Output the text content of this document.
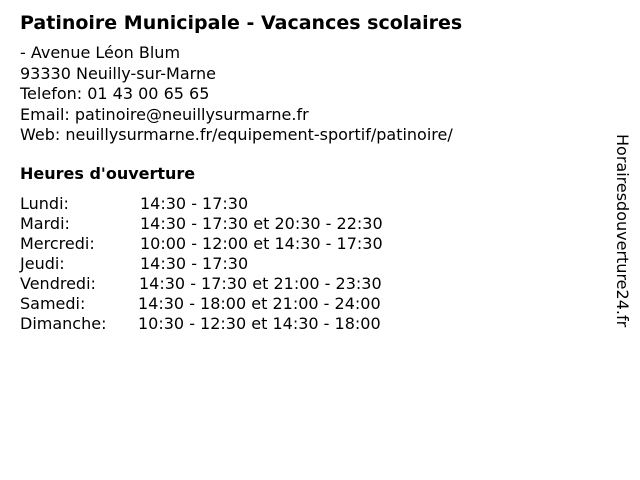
Patinoire Municipale - Vacances scolaires
- Avenue Léon Blum
93330 Neuilly-sur-Marne
Telefon: 01 43 00 65 65
Email: patinoire@neuillysurmarne.fr
Web: neuillysurmarne.fr/equipement-sportif/patinoire/
Heures d'ouverture
Lundi:	14:30 - 17:30
Mardi:	14:30 - 17:30 et 20:30 - 22:30
Mercredi:	10:00 - 12:00 et 14:30 - 17:30
Jeudi:	14:30 - 17:30
Vendredi:	14:30 - 17:30 et 21:00 - 23:30
Samedi:	14:30 - 18:00 et 21:00 - 24:00
Dimanche: 10:30 - 12:30 et 14:30 - 18:00	Horairesdouverture24.fr
